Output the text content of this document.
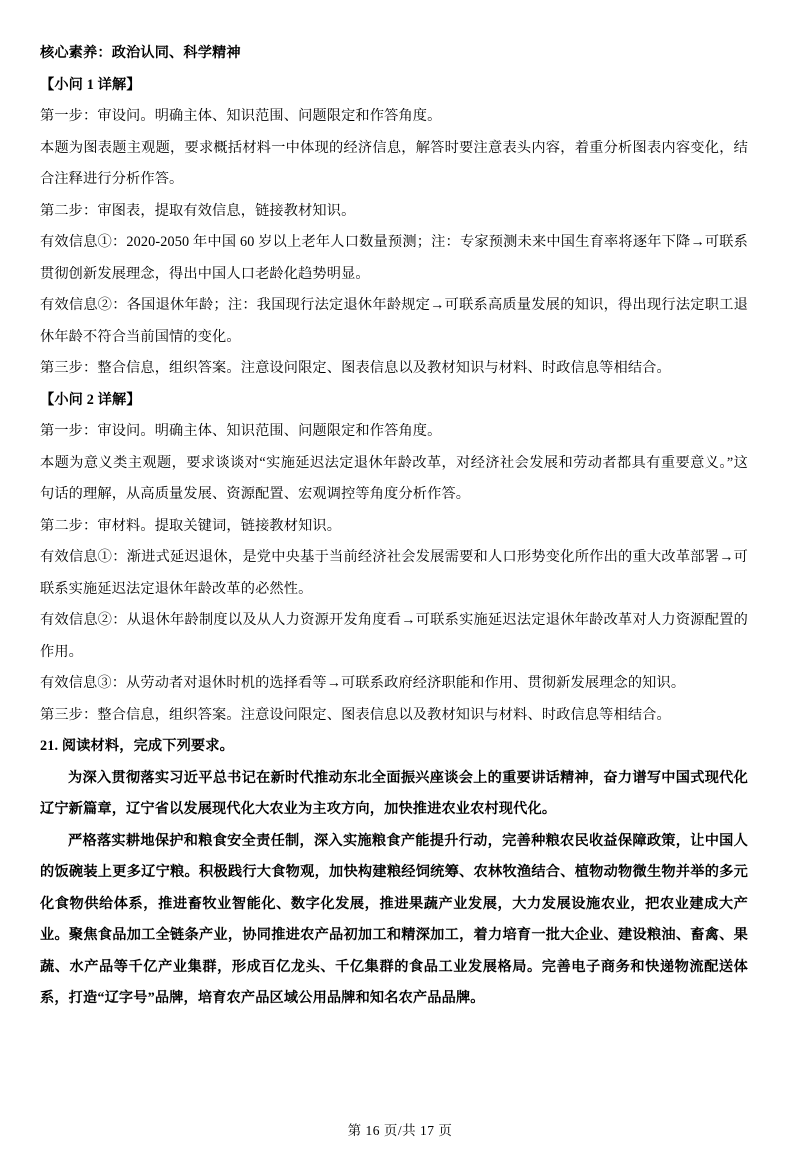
核心素养：政治认同、科学精神

【小问 1 详解】

第一步：审设问。明确主体、知识范围、问题限定和作答角度。

本题为图表题主观题，要求概括材料一中体现的经济信息，解答时要注意表头内容，着重分析图表内容变化，结合注释进行分析作答。

第二步：审图表，提取有效信息，链接教材知识。

有效信息①：2020-2050 年中国 60 岁以上老年人口数量预测；注：专家预测未来中国生育率将逐年下降→可联系贯彻创新发展理念，得出中国人口老龄化趋势明显。

有效信息②：各国退休年龄；注：我国现行法定退休年龄规定→可联系高质量发展的知识，得出现行法定职工退休年龄不符合当前国情的变化。

第三步：整合信息，组织答案。注意设问限定、图表信息以及教材知识与材料、时政信息等相结合。

【小问 2 详解】

第一步：审设问。明确主体、知识范围、问题限定和作答角度。

本题为意义类主观题，要求谈谈对“实施延迟法定退休年龄改革，对经济社会发展和劳动者都具有重要意义。”这句话的理解，从高质量发展、资源配置、宏观调控等角度分析作答。

第二步：审材料。提取关键词，链接教材知识。

有效信息①：渐进式延迟退休，是党中央基于当前经济社会发展需要和人口形势变化所作出的重大改革部署→可联系实施延迟法定退休年龄改革的必然性。

有效信息②：从退休年龄制度以及从人力资源开发角度看→可联系实施延迟法定退休年龄改革对人力资源配置的作用。

有效信息③：从劳动者对退休时机的选择看等→可联系政府经济职能和作用、贯彻新发展理念的知识。

第三步：整合信息，组织答案。注意设问限定、图表信息以及教材知识与材料、时政信息等相结合。

21. 阅读材料，完成下列要求。

为深入贯彻落实习近平总书记在新时代推动东北全面振兴座谈会上的重要讲话精神，奋力谱写中国式现代化辽宁新篇章，辽宁省以发展现代化大农业为主攻方向，加快推进农业农村现代化。

严格落实耕地保护和粮食安全责任制，深入实施粮食产能提升行动，完善种粮农民收益保障政策，让中国人的饭碗装上更多辽宁粮。积极践行大食物观，加快构建粮经饲统筹、农林牧渔结合、植物动物微生物并举的多元化食物供给体系，推进畜牧业智能化、数字化发展，推进果蔬产业发展，大力发展设施农业，把农业建成大产业。聚焦食品加工全链条产业，协同推进农产品初加工和精深加工，着力培育一批大企业、建设粮油、畜禽、果蔬、水产品等千亿产业集群，形成百亿龙头、千亿集群的食品工业发展格局。完善电子商务和快递物流配送体系，打造“辽字号”品牌，培育农产品区域公用品牌和知名农产品品牌。

第 16 页/共 17 页
